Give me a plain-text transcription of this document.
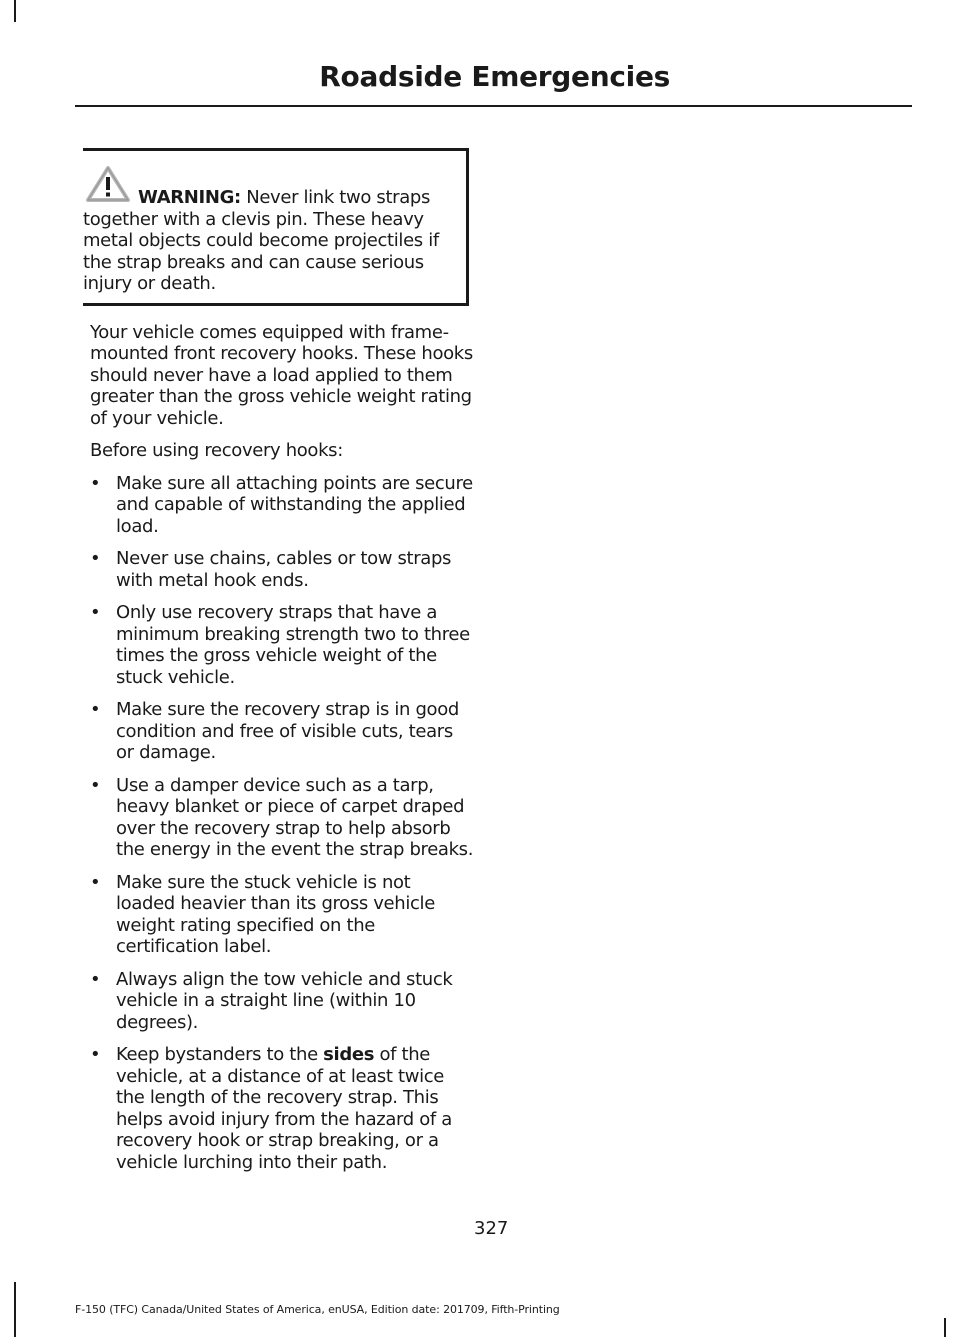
Roadside Emergencies
WARNING: Never link two straps
together with a clevis pin. These heavy metal objects could become projectiles if the strap breaks and can cause serious injury or death.

Your vehicle comes equipped with frame-mounted front recovery hooks. These hooks should never have a load applied to them greater than the gross vehicle weight rating of your vehicle.

Before using recovery hooks:

• Make sure all attaching points are secure and capable of withstanding the applied load.
• Never use chains, cables or tow straps with metal hook ends.
• Only use recovery straps that have a minimum breaking strength two to three times the gross vehicle weight of the stuck vehicle.
• Make sure the recovery strap is in good condition and free of visible cuts, tears or damage.
• Use a damper device such as a tarp, heavy blanket or piece of carpet draped over the recovery strap to help absorb the energy in the event the strap breaks.
• Make sure the stuck vehicle is not loaded heavier than its gross vehicle weight rating specified on the certification label.
• Always align the tow vehicle and stuck vehicle in a straight line (within 10 degrees).
• Keep bystanders to the sides of the vehicle, at a distance of at least twice the length of the recovery strap. This helps avoid injury from the hazard of a recovery hook or strap breaking, or a vehicle lurching into their path.
327
F-150 (TFC) Canada/United States of America, enUSA, Edition date: 201709, Fifth-Printing
